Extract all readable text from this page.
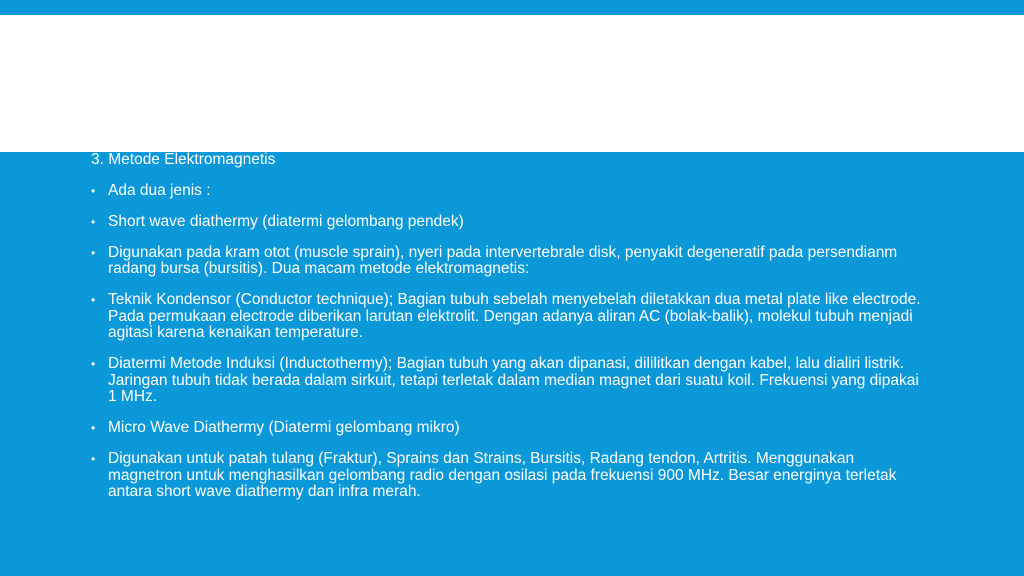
3. Metode Elektromagnetis
• Ada dua jenis :
• Short wave diathermy (diatermi gelombang pendek)
• Digunakan pada kram otot (muscle sprain), nyeri pada intervertebrale disk, penyakit degeneratif pada persendianm radang bursa (bursitis). Dua macam metode elektromagnetis:
• Teknik Kondensor (Conductor technique); Bagian tubuh sebelah menyebelah diletakkan dua metal plate like electrode. Pada permukaan electrode diberikan larutan elektrolit. Dengan adanya aliran AC (bolak-balik), molekul tubuh menjadi agitasi karena kenaikan temperature.
• Diatermi Metode Induksi (Inductothermy); Bagian tubuh yang akan dipanasi, dililitkan dengan kabel, lalu dialiri listrik. Jaringan tubuh tidak berada dalam sirkuit, tetapi terletak dalam median magnet dari suatu koil. Frekuensi yang dipakai 1 MHz.
• Micro Wave Diathermy (Diatermi gelombang mikro)
• Digunakan untuk patah tulang (Fraktur), Sprains dan Strains, Bursitis, Radang tendon, Artritis. Menggunakan magnetron untuk menghasilkan gelombang radio dengan osilasi pada frekuensi 900 MHz. Besar energinya terletak antara short wave diathermy dan infra merah.
